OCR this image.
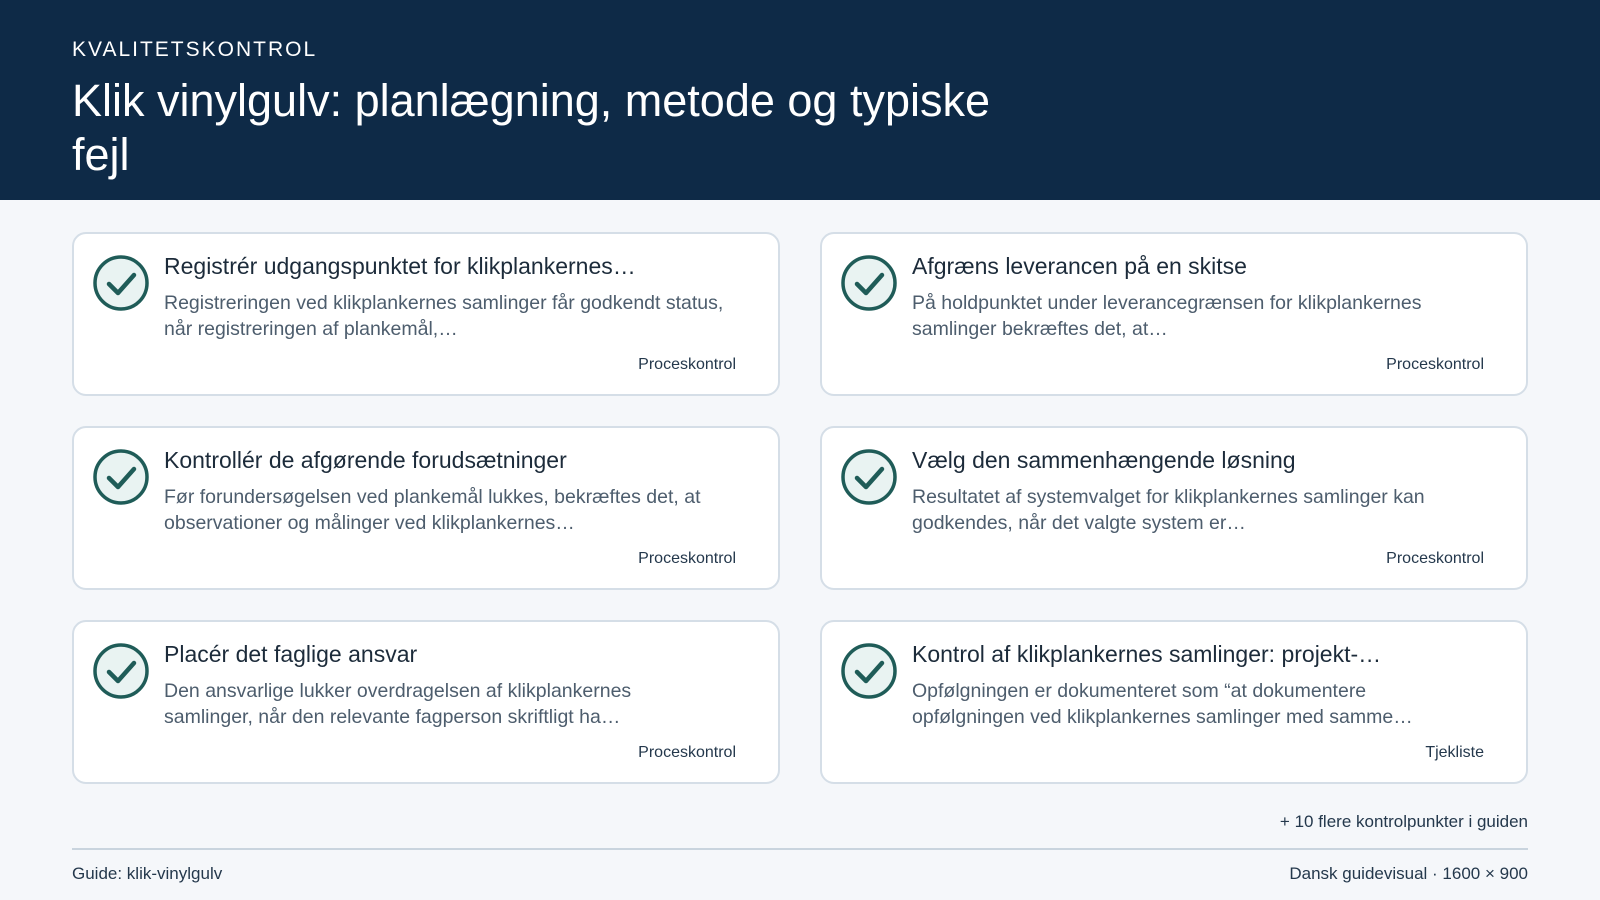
KVALITETSKONTROL
Klik vinylgulv: planlægning, metode og typiske fejl
Registrér udgangspunktet for klikplankernes…
Registreringen ved klikplankernes samlinger får godkendt status, når registreringen af plankemål,…
Proceskontrol
Afgræns leverancen på en skitse
På holdpunktet under leverancegrænsen for klikplankernes samlinger bekræftes det, at…
Proceskontrol
Kontrollér de afgørende forudsætninger
Før forundersøgelsen ved plankemål lukkes, bekræftes det, at observationer og målinger ved klikplankernes…
Proceskontrol
Vælg den sammenhængende løsning
Resultatet af systemvalget for klikplankernes samlinger kan godkendes, når det valgte system er…
Proceskontrol
Placér det faglige ansvar
Den ansvarlige lukker overdragelsen af klikplankernes samlinger, når den relevante fagperson skriftligt ha…
Proceskontrol
Kontrol af klikplankernes samlinger: projekt-…
Opfølgningen er dokumenteret som “at dokumentere opfølgningen ved klikplankernes samlinger med samme…
Tjekliste
+ 10 flere kontrolpunkter i guiden
Guide: klik-vinylgulv	Dansk guidevisual · 1600 × 900
